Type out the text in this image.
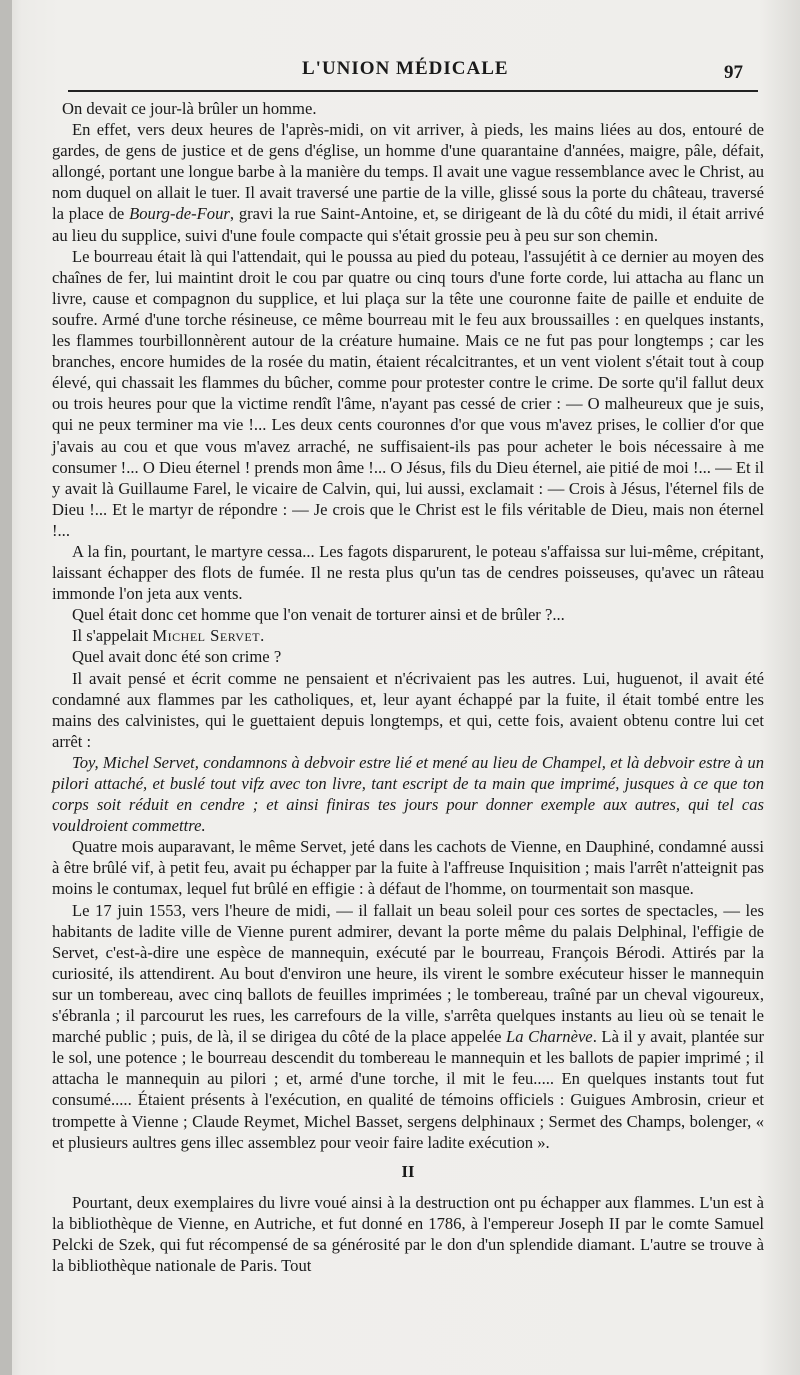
L'UNION MÉDICALE	97

On devait ce jour-là brûler un homme.

En effet, vers deux heures de l'après-midi, on vit arriver, à pieds, les mains liées au dos, entouré de gardes, de gens de justice et de gens d'église, un homme d'une quarantaine d'années, maigre, pâle, défait, allongé, portant une longue barbe à la manière du temps. Il avait une vague ressemblance avec le Christ, au nom duquel on allait le tuer. Il avait traversé une partie de la ville, glissé sous la porte du château, traversé la place de Bourg-de-Four, gravi la rue Saint-Antoine, et, se dirigeant de là du côté du midi, il était arrivé au lieu du supplice, suivi d'une foule compacte qui s'était grossie peu à peu sur son chemin.

Le bourreau était là qui l'attendait, qui le poussa au pied du poteau, l'assujétit à ce dernier au moyen des chaînes de fer, lui maintint droit le cou par quatre ou cinq tours d'une forte corde, lui attacha au flanc un livre, cause et compagnon du supplice, et lui plaça sur la tête une couronne faite de paille et enduite de soufre. Armé d'une torche résineuse, ce même bourreau mit le feu aux broussailles : en quelques instants, les flammes tourbillonnèrent autour de la créature humaine. Mais ce ne fut pas pour longtemps ; car les branches, encore humides de la rosée du matin, étaient récalcitrantes, et un vent violent s'était tout à coup élevé, qui chassait les flammes du bûcher, comme pour protester contre le crime. De sorte qu'il fallut deux ou trois heures pour que la victime rendît l'âme, n'ayant pas cessé de crier : — O malheureux que je suis, qui ne peux terminer ma vie !... Les deux cents couronnes d'or que vous m'avez prises, le collier d'or que j'avais au cou et que vous m'avez arraché, ne suffisaient-ils pas pour acheter le bois nécessaire à me consumer !... O Dieu éternel ! prends mon âme !... O Jésus, fils du Dieu éternel, aie pitié de moi !... — Et il y avait là Guillaume Farel, le vicaire de Calvin, qui, lui aussi, exclamait : — Crois à Jésus, l'éternel fils de Dieu !... Et le martyr de répondre : — Je crois que le Christ est le fils véritable de Dieu, mais non éternel !...

A la fin, pourtant, le martyre cessa... Les fagots disparurent, le poteau s'affaissa sur lui-même, crépitant, laissant échapper des flots de fumée. Il ne resta plus qu'un tas de cendres poisseuses, qu'avec un râteau immonde l'on jeta aux vents.

Quel était donc cet homme que l'on venait de torturer ainsi et de brûler ?...

Il s'appelait Michel Servet.

Quel avait donc été son crime ?

Il avait pensé et écrit comme ne pensaient et n'écrivaient pas les autres. Lui, huguenot, il avait été condamné aux flammes par les catholiques, et, leur ayant échappé par la fuite, il était tombé entre les mains des calvinistes, qui le guettaient depuis longtemps, et qui, cette fois, avaient obtenu contre lui cet arrêt :

Toy, Michel Servet, condamnons à debvoir estre lié et mené au lieu de Champel, et là debvoir estre à un pilori attaché, et buslé tout vifz avec ton livre, tant escript de ta main que imprimé, jusques à ce que ton corps soit réduit en cendre ; et ainsi finiras tes jours pour donner exemple aux autres, qui tel cas vouldroient commettre.

Quatre mois auparavant, le même Servet, jeté dans les cachots de Vienne, en Dauphiné, condamné aussi à être brûlé vif, à petit feu, avait pu échapper par la fuite à l'affreuse Inquisition ; mais l'arrêt n'atteignit pas moins le contumax, lequel fut brûlé en effigie : à défaut de l'homme, on tourmentait son masque.

Le 17 juin 1553, vers l'heure de midi, — il fallait un beau soleil pour ces sortes de spectacles, — les habitants de ladite ville de Vienne purent admirer, devant la porte même du palais Delphinal, l'effigie de Servet, c'est-à-dire une espèce de mannequin, exécuté par le bourreau, François Bérodi. Attirés par la curiosité, ils attendirent. Au bout d'environ une heure, ils virent le sombre exécuteur hisser le mannequin sur un tombereau, avec cinq ballots de feuilles imprimées ; le tombereau, traîné par un cheval vigoureux, s'ébranla ; il parcourut les rues, les carrefours de la ville, s'arrêta quelques instants au lieu où se tenait le marché public ; puis, de là, il se dirigea du côté de la place appelée La Charnève. Là il y avait, plantée sur le sol, une potence ; le bourreau descendit du tombereau le mannequin et les ballots de papier imprimé ; il attacha le mannequin au pilori ; et, armé d'une torche, il mit le feu..... En quelques instants tout fut consumé..... Étaient présents à l'exécution, en qualité de témoins officiels : Guigues Ambrosin, crieur et trompette à Vienne ; Claude Reymet, Michel Basset, sergens delphinaux ; Sermet des Champs, bolenger, « et plusieurs aultres gens illec assemblez pour veoir faire ladite exécution ».

II

Pourtant, deux exemplaires du livre voué ainsi à la destruction ont pu échapper aux flammes. L'un est à la bibliothèque de Vienne, en Autriche, et fut donné en 1786, à l'empereur Joseph II par le comte Samuel Pelcki de Szek, qui fut récompensé de sa générosité par le don d'un splendide diamant. L'autre se trouve à la bibliothèque nationale de Paris. Tout
